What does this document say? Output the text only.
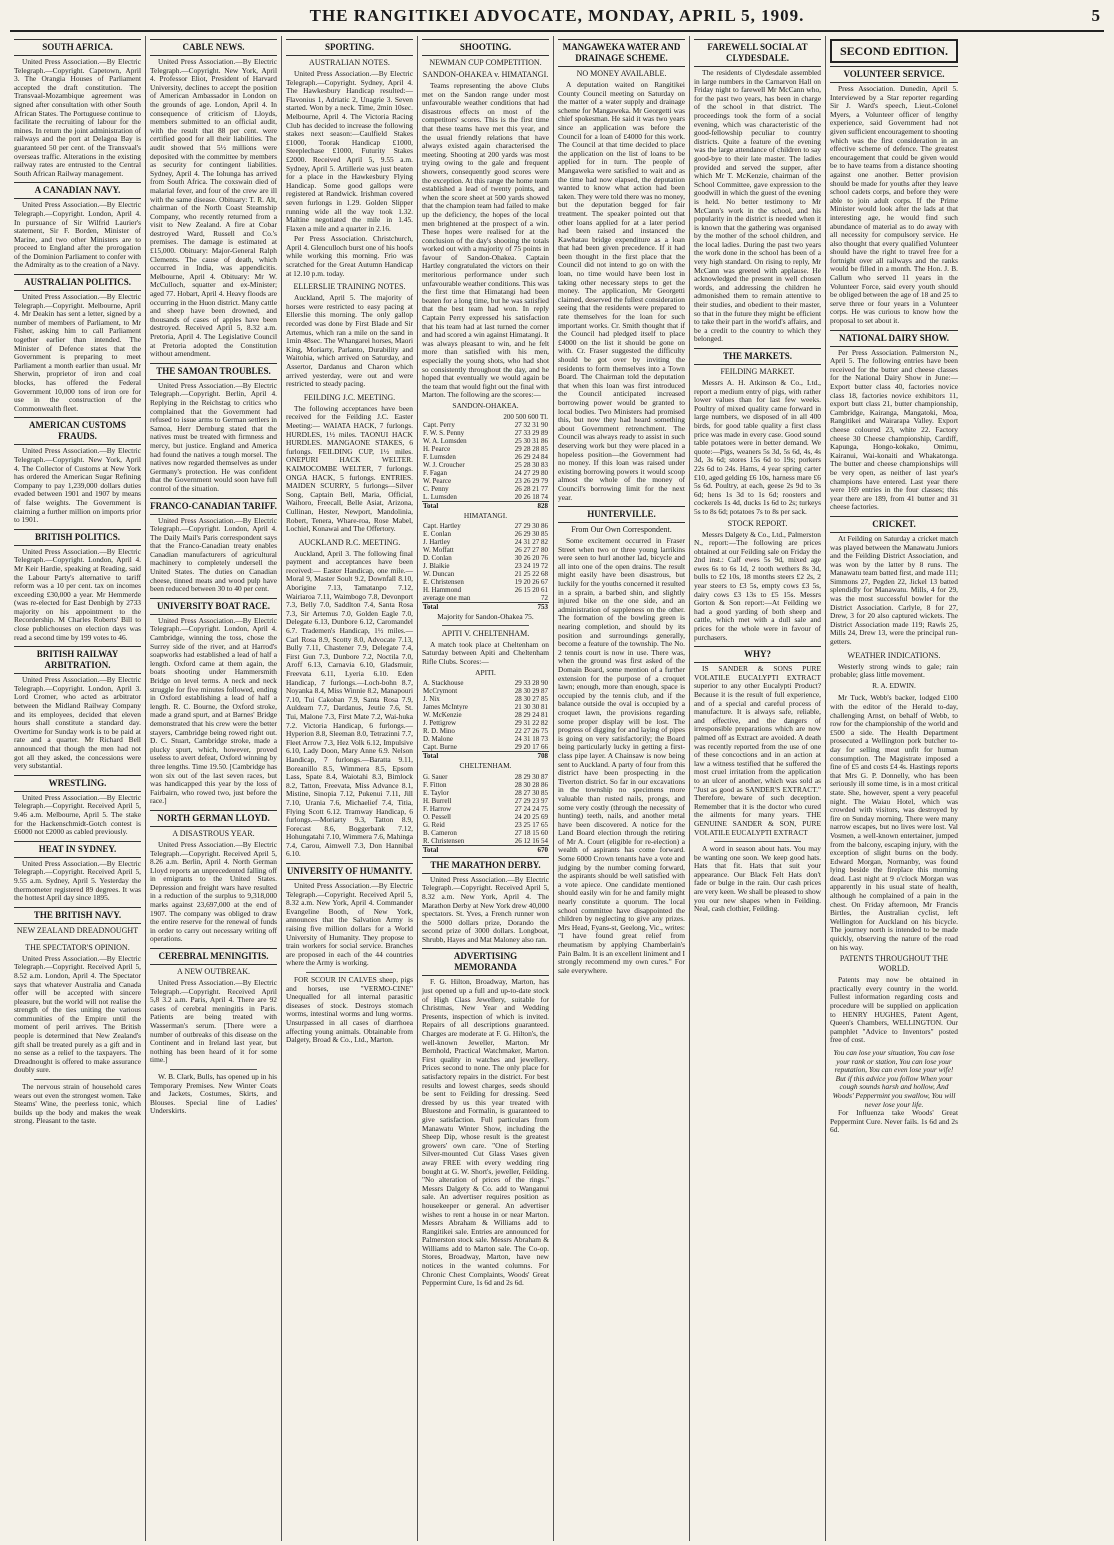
THE RANGITIKEI ADVOCATE, MONDAY, APRIL 5, 1909.	5
SOUTH AFRICA.
United Press Association.—By Electric Telegraph.—Copyright. Capetown, April 3. The Orangia Houses of Parliament accepted the draft constitution. The Transvaal-Mozambique agreement was signed after consultation with other South African States. The Portuguese continue to facilitate the recruiting of labour for the mines. In return the joint administration of railways and the port at Delagoa Bay is guaranteed 50 per cent. of the Transvaal's overseas traffic. Alterations in the existing railway rates are entrusted to the Central South African Railway management.
A CANADIAN NAVY.
United Press Association.—By Electric Telegraph.—Copyright. London, April 4. In pursuance of Sir Wilfrid Laurier's statement, Sir F. Borden, Minister of Marine, and two other Ministers are to proceed to England after the prorogation of the Dominion Parliament to confer with the Admiralty as to the creation of a Navy.
AUSTRALIAN POLITICS.
United Press Association.—By Electric Telegraph.—Copyright. Melbourne, April 4. Mr Deakin has sent a letter, signed by a number of members of Parliament, to Mr Fisher, asking him to call Parliament together earlier than intended. The Minister of Defence states that the Government is preparing to meet Parliament a month earlier than usual. Mr Sherwin, proprietor of iron and coal blocks, has offered the Federal Government 10,000 tons of iron ore for use in the construction of the Commonwealth fleet.
AMERICAN CUSTOMS FRAUDS.
United Press Association.—By Electric Telegraph.—Copyright. New York, April 4. The Collector of Customs at New York has ordered the American Sugar Refining Company to pay 1,239,000 dollars duties evaded between 1901 and 1907 by means of false weights. The Government is claiming a further million on imports prior to 1901.
BRITISH POLITICS.
United Press Association.—By Electric Telegraph.—Copyright. London, April 4. Mr Keir Hardie, speaking at Reading, said the Labour Party's alternative to tariff reform was a 10 per cent. tax on incomes exceeding £30,000 a year. Mr Hemmerde (was re-elected for East Denbigh by 2733 majority on his appointment to the Recordership. M Charles Roberts' Bill to close publichouses on election days was read a second time by 199 votes to 46.
BRITISH RAILWAY ARBITRATION.
United Press Association.—By Electric Telegraph.—Copyright. London, April 3. Lord Cromer, who acted as arbitrator between the Midland Railway Company and its employees, decided that eleven hours shall constitute a standard day. Overtime for Sunday work is to be paid at rate and a quarter. Mr Richard Bell announced that though the men had not got all they asked, the concessions were very substantial.
WRESTLING.
United Press Association.—By Electric Telegraph.—Copyright. Received April 5, 9.46 a.m. Melbourne, April 5. The stake for the Hackenschmidt-Gotch contest is £6000 not £2000 as cabled previously.
HEAT IN SYDNEY.
United Press Association.—By Electric Telegraph.—Copyright. Received April 5, 9.55 a.m. Sydney, April 5. Yesterday the thermometer registered 89 degrees. It was the hottest April day since 1895.
THE BRITISH NAVY.
NEW ZEALAND DREADNOUGHT
THE SPECTATOR'S OPINION.
United Press Association.—By Electric Telegraph.—Copyright. Received April 5, 8.52 a.m. London, April 4. The Spectator says that whatever Australia and Canada offer will be accepted with sincere pleasure, but the world will not realise the strength of the ties uniting the various communities of the Empire until the moment of peril arrives. The British people is determined that New Zealand's gift shall be treated purely as a gift and in no sense as a relief to the taxpayers. The Dreadnought is offered to make assurance doubly sure.
The nervous strain of household cares wears out even the strongest women. Take Steams' Wine, the peerless tonic, which builds up the body and makes the weak strong. Pleasant to the taste.
CABLE NEWS.
United Press Association.—By Electric Telegraph.—Copyright. New York, April 4. Professor Eliot, President of Harvard University, declines to accept the position of American Ambassador in London on the grounds of age. London, April 4. In consequence of criticism of Lloyds, members submitted to an official audit, with the result that 88 per cent. were certified good for all their liabilities. The audit showed that 5½ millions were deposited with the committee by members as security for contingent liabilities. Sydney, April 4. The Iohunga has arrived from South Africa. The coxswain died of malarial fever, and four of the crew are ill with the same disease. Obituary: T. R. Alt, chairman of the North Coast Steamship Company, who recently returned from a visit to New Zealand. A fire at Cobar destroyed Ward, Russell and Co.'s premises. The damage is estimated at £15,000. Obituary: Major-General Ralph Clements. The cause of death, which occurred in India, was appendicitis. Melbourne, April 4. Obituary: Mr W. McCulloch, squatter and ex-Minister; aged 77. Hobart, April 4. Heavy floods are occurring in the Huon district. Many cattle and sheep have been drowned, and thousands of cases of apples have been destroyed. Received April 5, 8.32 a.m. Pretoria, April 4. The Legislative Council at Pretoria adopted the Constitution without amendment.
THE SAMOAN TROUBLES.
United Press Association.—By Electric Telegraph.—Copyright. Berlin, April 4. Replying in the Reichstag to critics who complained that the Government had refused to issue arms to German settlers in Samoa, Herr Dernburg stated that the natives must be treated with firmness and mercy, but justice. England and America had found the natives a tough morsel. The natives now regarded themselves as under Germany's protection. He was confident that the Government would soon have full control of the situation.
FRANCO-CANADIAN TARIFF.
United Press Association.—By Electric Telegraph.—Copyright. London, April 4. The Daily Mail's Paris correspondent says that the Franco-Canadian treaty enables Canadian manufacturers of agricultural machinery to completely undersell the United States. The duties on Canadian cheese, tinned meats and wood pulp have been reduced between 30 to 40 per cent.
UNIVERSITY BOAT RACE.
United Press Association.—By Electric Telegraph.—Copyright. London, April 4. Cambridge, winning the toss, chose the Surrey side of the river, and at Harrod's soapworks had established a lead of half a length. Oxford came at them again, the boats shooting under Hammersmith Bridge on level terms. A neck and neck struggle for five minutes followed, ending in Oxford establishing a lead of half a length. R. C. Bourne, the Oxford stroke, made a grand spurt, and at Barnes' Bridge demonstrated that his crew were the better stayers, Cambridge being rowed right out. D. C. Stuart, Cambridge stroke, made a plucky spurt, which, however, proved useless to avert defeat, Oxford winning by three lengths. Time 19.50. [Cambridge has won six out of the last seven races, but was handicapped this year by the loss of Fairbairn, who rowed two, just before the race.]
NORTH GERMAN LLOYD.
A DISASTROUS YEAR.
United Press Association.—By Electric Telegraph.—Copyright. Received April 5, 8.26 a.m. Berlin, April 4. North German Lloyd reports an unprecedented falling off in emigrants to the United States. Depression and freight wars have resulted in a reduction of the surplus to 9,318,000 marks against 23,697,000 at the end of 1907. The company was obliged to draw the entire reserve for the renewal of funds in order to carry out necessary writing off operations.
CEREBRAL MENINGITIS.
A NEW OUTBREAK.
United Press Association.—By Electric Telegraph.—Copyright. Received April 5,8 3.2 a.m. Paris, April 4. There are 92 cases of cerebral meningitis in Paris. Patients are being treated with Wasserman's serum. [There were a number of outbreaks of this disease on the Continent and in Ireland last year, but nothing has been heard of it for some time.]
W. B. Clark, Bulls, has opened up in his Temporary Premises. New Winter Coats and Jackets, Costumes, Skirts, and Blouses. Special line of Ladies' Underskirts.
SPORTING.
AUSTRALIAN NOTES.
United Press Association.—By Electric Telegraph.—Copyright. Sydney, April 4. The Hawkesbury Handicap resulted:—Flavonius 1, Adriatic 2, Unagrie 3. Seven started. Won by a neck. Time, 2min 10sec. Melbourne, April 4. The Victoria Racing Club has decided to increase the following stakes next season:—Caulfield Stakes £1000, Toorak Handicap £1000, Steeplechase £1000, Futurity Stakes £2000. Received April 5, 9.55 a.m. Sydney, April 5. Artillerie was just beaten for a place in the Hawkesbury Flying Handicap. Some good gallops were registered at Randwick. Irishman covered seven furlongs in 1.29. Golden Slipper running wide all the way took 1.32. Maltine negotiated the mile in 1.45. Flaxen a mile and a quarter in 2.16.
Per Press Association. Christchurch, April 4. Glenculloch burst one of his hoofs while working this morning. Frio was scratched for the Great Autumn Handicap at 12.10 p.m. today.
ELLERSLIE TRAINING NOTES.
Auckland, April 5. The majority of horses were restricted to easy pacing at Ellerslie this morning. The only gallop recorded was done by First Blade and Sir Artemus, which ran a mile on the sand in 1min 48sec. The Whangarei horses, Maori King, Moriarty, Parlanto, Durability and Waitohia, which arrived on Saturday, and Assertor, Dardanus and Charon which arrived yesterday, were out and were restricted to steady pacing.
FEILDING J.C. MEETING.
The following acceptances have been received for the Feilding J.C. Easter Meeting:— WAIATA HACK, 7 furlongs. HURDLES, 1½ miles. TAONUI HACK HURDLES. MANGAONE STAKES, 6 furlongs. FEILDING CUP, 1½ miles. ONEPURI HACK WELTER. KAIMOCOMBE WELTER, 7 furlongs. ONGA HACK, 5 furlongs. ENTRIES. MAIDEN SCURRY, 5 furlongs—Silver Song, Captain Bell, Maria, Official, Waihoro, Freecall, Belle Asiat, Arizona, Cullinan, Hester, Newport, Mandolinia, Robert, Tenera, Whare-roa, Rose Mabel, Lochiel, Konawai and The Offertory.
AUCKLAND R.C. MEETING.
Auckland, April 3. The following final payment and acceptances have been received:— Easter Handicap, one mile.—Moral 9, Master Soult 9.2, Downfall 8.10, Aborigine 7.13, Tamatanpo 7.12, Wairiaroa 7.11, Waimbogo 7.8, Devonport 7.3, Belly 7.0, Saddlton 7.4, Santa Rosa 7.3, Sir Artemus 7.0, Golden Eagle 7.0, Delegate 6.13, Dunbore 6.12, Caromandel 6.7. Trademen's Handicap, 1½ miles.—Carl Rosa 8.9, Scotty 8.0, Advocate 7.13, Bully 7.11, Chastener 7.9, Delegate 7.4, First Gun 7.3, Dunbore 7.2, Noctila 7.0, Aroff 6.13, Carnavia 6.10, Gladsmuir, Freevata 6.11, Lyeria 6.10. Eden Handicap, 7 furlongs.—Loch-bohn 8.7, Noyanka 8.4, Miss Winnie 8.2, Manapouri 7.10, Tui Cakoban 7.9, Santa Rosa 7.9, Auldearn 7.7, Dardanus, Jeutie 7.6, St. Tui, Malone 7.3, First Mate 7.2, Wai-huka 7.2. Victoria Handicap, 6 furlongs.—Hyperion 8.8, Sleeman 8.0, Tetrazinni 7.7, Fleet Arrow 7.3, Hez Volk 6.12, Impulsive 6.10, Lady Doon, Mary Anne 6.9. Nelson Handicap, 7 furlongs.—Baratta 9.11, Boreanillo 8.5, Wimmera 8.5, Epsom Lass, Spate 8.4, Waiotahi 8.3, Bimlock 8.2, Tatton, Freevata, Miss Advance 8.1, Mistine, Sinopia 7.12, Pukenui 7.11, Jill 7.10, Urania 7.6, Michaelief 7.4, Titia, Flying Scott 6.12. Tramway Handicap, 6 furlongs.—Moriarty 9.3, Tatton 8.9, Forecast 8.6, Boggerbank 7.12, Hohungatahi 7.10, Wimmera 7.6, Mahinga 7.4, Carou, Aimwell 7.3, Don Hannibal 6.10.
UNIVERSITY OF HUMANITY.
United Press Association.—By Electric Telegraph.—Copyright. Received April 5, 8.32 a.m. New York, April 4. Commander Evangeline Booth, of New York, announces that the Salvation Army is raising five million dollars for a World University of Humanity. They propose to train workers for social service. Branches are proposed in each of the 44 countries where the Army is working.
FOR SCOUR IN CALVES sheep, pigs and horses, use "VERMO-CINE" Unequalled for all internal parasitic diseases of stock. Destroys stomach worms, intestinal worms and lung worms. Unsurpassed in all cases of diarrhoea affecting young animals. Obtainable from Dalgety, Broad & Co., Ltd., Marton.
SHOOTING.
NEWMAN CUP COMPETITION.
SANDON-OHAKEA v. HIMATANGI.
Teams representing the above Clubs met on the Sandon range under most unfavourable weather conditions that had disastrous effects on most of the competitors' scores. This is the first time that these teams have met this year, and the usual friendly relations that have always existed again characterised the meeting. Shooting at 200 yards was most trying owing to the gale and frequent showers, consequently good scores were the exception. At this range the home team established a lead of twenty points, and when the score sheet at 500 yards showed that the champion team had failed to make up the deficiency, the hopes of the local men brightened at the prospect of a win. These hopes were realised for at the conclusion of the day's shooting the totals worked out with a majority of 75 points in favour of Sandon-Ohakea. Captain Hartley congratulated the victors on their meritorious performance under such unfavourable weather conditions. This was the first time that Himatangi had been beaten for a long time, but he was satisfied that the best team had won. In reply Captain Perry expressed his satisfaction that his team had at last turned the corner and had scored a win against Himatangi. It was always pleasant to win, and he felt more than satisfied with his men, especially the young shots, who had shot so consistently throughout the day, and he hoped that eventually we would again be the team that would fight out the final with Marton. The following are the scores:—
SANDON-OHAKEA.
	200 500 600 Tl.
Capt. Perry	27 32 31 90
F. W. S. Penny	27 33 29 89
W. A. Lomsden	25 30 31 86
H. Pearce	29 28 28 85
F. Lumsden	26 29 24 84
W. J. Croucher	25 28 30 83
F. Fagan	24 27 29 80
W. Pearce	23 26 29 79
C. Penny	26 28 21 77
L. Lumsden	20 26 18 74
Total	828
HIMATANGI.
Capt. Hartley	27 29 30 86
E. Conlan	26 29 30 85
J. Hartley	24 31 27 82
W. Moffatt	26 27 27 80
D. Conlan	30 26 20 76
J. Blaikie	23 24 19 72
W. Duncan	21 25 22 68
E. Christensen	19 20 26 67
H. Hammond	26 15 20 61
average one man	72
Total	753
Majority for Sandon-Ohakea 75.
APITI V. CHELTENHAM.
A match took place at Cheltenham on Saturday between Apiti and Cheltenham Rifle Clubs. Scores:—
APITI.
A. Stackhouse	29 33 28 90
McCrymont	28 30 29 87
J. Nix	28 30 27 85
James McIntyre	21 30 30 81
W. McKenzie	28 29 24 81
J. Pettigrew	29 31 22 82
R. D. Mino	22 27 26 75
D. Malone	24 31 18 73
Capt. Burne	29 20 17 66
Total	708
CHELTENHAM.
G. Sauer	28 29 30 87
F. Fitton	28 30 28 86
E. Taylor	28 27 30 85
H. Burrell	27 29 23 97
F. Harrow	27 24 24 75
O. Pessell	24 20 25 69
G. Reid	23 25 17 65
B. Cameron	27 18 15 60
R. Christensen	26 12 16 54
Total	670
THE MARATHON DERBY.
United Press Association.—By Electric Telegraph.—Copyright. Received April 5, 8.32 a.m. New York, April 4. The Marathon Derby at New York drew 40,000 spectators. St. Yves, a French runner won the 5000 dollars prize, Dorando the second prize of 3000 dollars. Longboat, Shrubb, Hayes and Mat Maloney also ran.
ADVERTISING MEMORANDA
F. G. Hilton, Broadway, Marton, has just opened up a full and up-to-date stock of High Class Jewellery, suitable for Christmas, New Year and Wedding Presents, inspection of which is invited. Repairs of all descriptions guaranteed. Charges are moderate at F. G. Hilton's, the well-known Jeweller, Marton. Mr Bernhold, Practical Watchmaker, Marton. First quality in watches and jewellery. Prices second to none. The only place for satisfactory repairs in the district. For best results and lowest charges, seeds should be sent to Feilding for dressing. Seed dressed by us this year treated with Bluestone and Formalin, is guaranteed to give satisfaction. Full particulars from Manawatu Winter Show, including the Sheep Dip, whose result is the greatest growers' own care. "One of Sterling Silver-mounted Cut Glass Vases given away FREE with every wedding ring bought at G. W. Short's, jeweller, Feilding. "No alteration of prices of the rings." Messrs Dalgety & Co. add to Wanganui sale. An advertiser requires position as housekeeper or general. An advertiser wishes to rent a house in or near Marton. Messrs Abraham & Williams add to Rangitikei sale. Entries are announced for Palmerston stock sale. Messrs Abraham & Williams add to Marton sale. The Co-op. Stores, Broadway, Marton, have new notices in the wanted columns. For Chronic Chest Complaints, Woods' Great Peppermint Cure, 1s 6d and 2s 6d.
MANGAWEKA WATER AND DRAINAGE SCHEME.
NO MONEY AVAILABLE.
A deputation waited on Rangitikei County Council meeting on Saturday on the matter of a water supply and drainage scheme for Mangaweka. Mr Georgetti was chief spokesman. He said it was two years since an application was before the Council for a loan of £4000 for this work. The Council at that time decided to place the application on the list of loans to be applied for in turn. The people of Mangaweka were satisfied to wait and as the time had now elapsed, the deputation wanted to know what action had been taken. They were told there was no money, but the deputation begged for fair treatment. The speaker pointed out that other loans applied for at a later period had been raised and instanced the Kawhatau bridge expenditure as a loan that had been given precedence. If it had been thought in the first place that the Council did not intend to go on with the loan, no time would have been lost in taking other necessary steps to get the money. The application, Mr Georgetti claimed, deserved the fullest consideration seeing that the residents were prepared to rate themselves for the loan for such important works. Cr. Smith thought that if the Council had pledged itself to place £4000 on the list it should be gone on with. Cr. Fraser suggested the difficulty should be got over by inviting the residents to form themselves into a Town Board. The Chairman told the deputation that when this loan was first introduced the Council anticipated increased borrowing power would be granted to local bodies. Two Ministers had promised this, but now they had heard something about Government retrenchment. The Council was always ready to assist in such deserving work but they were placed in a hopeless position—the Government had no money. If this loan was raised under existing borrowing powers it would scoop almost the whole of the money of Council's borrowing limit for the next year.
HUNTERVILLE.
From Our Own Correspondent.
Some excitement occurred in Fraser Street when two or three young larrikins were seen to hurl another lad, bicycle and all into one of the open drains. The result might easily have been disastrous, but luckily for the youths concerned it resulted in a sprain, a barbed shin, and slightly injured bike on the one side, and an administration of suppleness on the other. The formation of the bowling green is nearing completion, and should by its position and surroundings generally, become a feature of the township. The No. 2 tennis court is now in use. There was, when the ground was first asked of the Domain Board, some mention of a further extension for the purpose of a croquet lawn; enough, more than enough, space is occupied by the tennis club, and if the balance outside the oval is occupied by a croquet lawn, the provisions regarding some proper display will be lost. The progress of digging for and laying of pipes is going on very satisfactorily; the Board being particularly lucky in getting a first-class pipe layer. A Chainsaw is now being sent to Auckland. A party of four from this district have been prospecting in the Tiverton district. So far in our excavations in the township no specimens more valuable than rusted nails, prongs, and some very costly (through the necessity of hunting) teeth, nails, and another metal have been discovered. A notice for the Land Board election through the retiring of Mr A. Court (eligible for re-election) a wealth of aspirants has come forward. Some 6000 Crown tenants have a vote and judging by the number coming forward, the aspirants should be well satisfied with a vote apiece. One candidate mentioned should easily win for he and family might nearly constitute a quorum. The local school committee have disappointed the children by neglecting to give any prizes. Mrs Head, Fyans-st, Geelong, Vic., writes: "I have found great relief from rheumatism by applying Chamberlain's Pain Balm. It is an excellent liniment and I strongly recommend my own cures." For sale everywhere.
FAREWELL SOCIAL AT CLYDESDALE.
The residents of Clydesdale assembled in large numbers in the Carnarvon Hall on Friday night to farewell Mr McCann who, for the past two years, has been in charge of the school in that district. The proceedings took the form of a social evening, which was characteristic of the good-fellowship peculiar to country districts. Quite a feature of the evening was the large attendance of children to say good-bye to their late master. The ladies provided and served the supper, after which Mr T. McKenzie, chairman of the School Committee, gave expression to the goodwill in which the guest of the evening is held. No better testimony to Mr McCann's work in the school, and his popularity in the district is needed when it is known that the gathering was organised by the mother of the school children, and the local ladies. During the past two years the work done in the school has been of a very high standard. On rising to reply, Mr McCann was greeted with applause. He acknowledged the present in well chosen words, and addressing the children he admonished them to remain attentive to their studies, and obedient to their master, so that in the future they might be efficient to take their part in the world's affairs, and be a credit to the country to which they belonged.
THE MARKETS.
FEILDING MARKET.
Messrs A. H. Atkinson & Co., Ltd., report a medium entry of pigs, with rather lower values than for last few weeks. Poultry of mixed quality came forward in large numbers, we disposed of in all 400 birds, for good table quality a first class price was made in every case. Good sound table potatoes were in better demand. We quote:—Pigs, weaners 5s 3d, 5s 6d, 4s, 4s 3d, 3s 6d; stores 15s 6d to 19s; porkers 22s 6d to 24s. Hams, 4 year spring carter £10, aged gelding £6 10s, harness mare £6 5s 6d. Poultry, at each, geese 2s 9d to 3s 6d; hens 1s 3d to 1s 6d; roosters and cockerels 1s 4d, ducks 1s 6d to 2s; turkeys 5s to 8s 6d; potatoes 7s to 8s per sack.
STOCK REPORT.
Messrs Dalgety & Co., Ltd., Palmerston N., report:—The following are prices obtained at our Feilding sale on Friday the 2nd inst.: Calf ewes 5s 9d, mixed age ewes 6s to 6s 1d, 2 tooth wethers 8s 3d, bulls to £2 10s, 18 months steers £2 2s, 2 year steers to £3 5s, empty cows £3 5s, dairy cows £3 13s to £5 15s. Messrs Gorton & Son report:—At Feilding we had a good yarding of both sheep and cattle, which met with a dull sale and prices for the whole were in favour of purchasers.
WHY?
IS SANDER & SONS PURE VOLATILE EUCALYPTI EXTRACT superior to any other Eucalypti Product? Because it is the result of full experience, and of a special and careful process of manufacture. It is always safe, reliable, and effective, and the dangers of irresponsible preparations which are now palmed off as Extract are avoided. A death was recently reported from the use of one of these concoctions and in an action at law a witness testified that he suffered the most cruel irritation from the application to an ulcer of another, which was sold as "Just as good as SANDER'S EXTRACT." Therefore, beware of such deception. Remember that it is the doctor who cured the ailments for many years. THE GENUINE SANDER & SON, PURE VOLATILE EUCALYPTI EXTRACT
A word in season about hats. You may be wanting one soon. We keep good hats. Hats that fit. Hats that suit your appearance. Our Black Felt Hats don't fade or bulge in the rain. Our cash prices are very keen. We shall be pleased to show you our new shapes when in Feilding. Neal, cash clothier, Feilding.
SECOND EDITION.
VOLUNTEER SERVICE.
Press Association. Dunedin, April 5. Interviewed by a Star reporter regarding Sir J. Ward's speech, Lieut.-Colonel Myers, a Volunteer officer of lengthy experience, said Government had not given sufficient encouragement to shooting which was the first consideration in an effective scheme of defence. The greatest encouragement that could be given would be to have teams from a distance shooting against one another. Better provision should be made for youths after they leave school cadets corps, and before they were able to join adult corps. If the Prime Minister would look after the lads at that interesting age, he would find such abundance of material as to do away with all necessity for compulsory service. He also thought that every qualified Volunteer should have the right to travel free for a fortnight over all railways and the ranks would be filled in a month. The Hon. J. B. Callum who served 11 years in the Volunteer Force, said every youth should be obliged between the age of 18 and 25 to serve three or four years in a Volunteer corps. He was curious to know how the proposal to set about it.
NATIONAL DAIRY SHOW.
Per Press Association. Palmerston N., April 5. The following entries have been received for the butter and cheese classes for the National Dairy Show in June:—Export butter class 40, factories novice class 18, factories novice exhibitors 11, export butt class 21, butter championship, Cambridge, Kairanga, Mangatoki, Moa, Rangitikei and Wairarapa Valley. Export cheese coloured 23, white 22. Factory cheese 30 Cheese championship, Cardiff, Kapunga, Hongo-kokako, Omimu, Kairanui, Wai-konaiti and Whakatonga. The butter and cheese championships will be very open, as neither of last year's champions have entered. Last year there were 169 entries in the four classes; this year there are 189, from 41 butter and 31 cheese factories.
CRICKET.
At Feilding on Saturday a cricket match was played between the Manawatu Juniors and the Feilding District Association, and was won by the latter by 8 runs. The Manawatu team batted first, and made 111; Simmons 27, Pegden 22, Jickel 13 batted splendidly for Manawatu. Mills, 4 for 29, was the most successful bowler for the District Association. Carlyle, 8 for 27, Drew, 3 for 20 also captured wickets. The District Association made 119; Rawls 25, Mills 24, Drew 13, were the principal run-getters.
WEATHER INDICATIONS.
Westerly strong winds to gale; rain probable; glass little movement.
R. A. EDWIN.
Mr Tuck, Webb's backer, lodged £100 with the editor of the Herald to-day, challenging Arnst, on behalf of Webb, to row for the championship of the world and £500 a side. The Health Department prosecuted a Wellington pork butcher to-day for selling meat unfit for human consumption. The Magistrate imposed a fine of £5 and costs £4 4s. Hastings reports that Mrs G. P. Donnelly, who has been seriously ill some time, is in a most critical state. She, however, spent a very peaceful night. The Waiau Hotel, which was crowded with visitors, was destroyed by fire on Sunday morning. There were many narrow escapes, but no lives were lost. Val Vosmen, a well-known entertainer, jumped from the balcony, escaping injury, with the exception of slight burns on the body. Edward Morgan, Normanby, was found lying beside the fireplace this morning dead. Last night at 9 o'clock Morgan was apparently in his usual state of health, although he complained of a pain in the chest. On Friday afternoon, Mr Francis Birtles, the Australian cyclist, left Wellington for Auckland on his bicycle. The journey north is intended to be made quickly, observing the nature of the road on his way.
PATENTS THROUGHOUT THE WORLD.
Patents may now be obtained in practically every country in the world. Fullest information regarding costs and procedure will be supplied on application to HENRY HUGHES, Patent Agent, Queen's Chambers, WELLINGTON. Our pamphlet "Advice to Inventors" posted free of cost.
You can lose your situation, You can lose your rank or station, You can lose your reputation, You can even lose your wife! But if this advice you follow When your cough sounds harsh and hollow, And Woods' Peppermint you swallow, You will never lose your life.
For Influenza take Woods' Great Peppermint Cure. Never fails. 1s 6d and 2s 6d.
